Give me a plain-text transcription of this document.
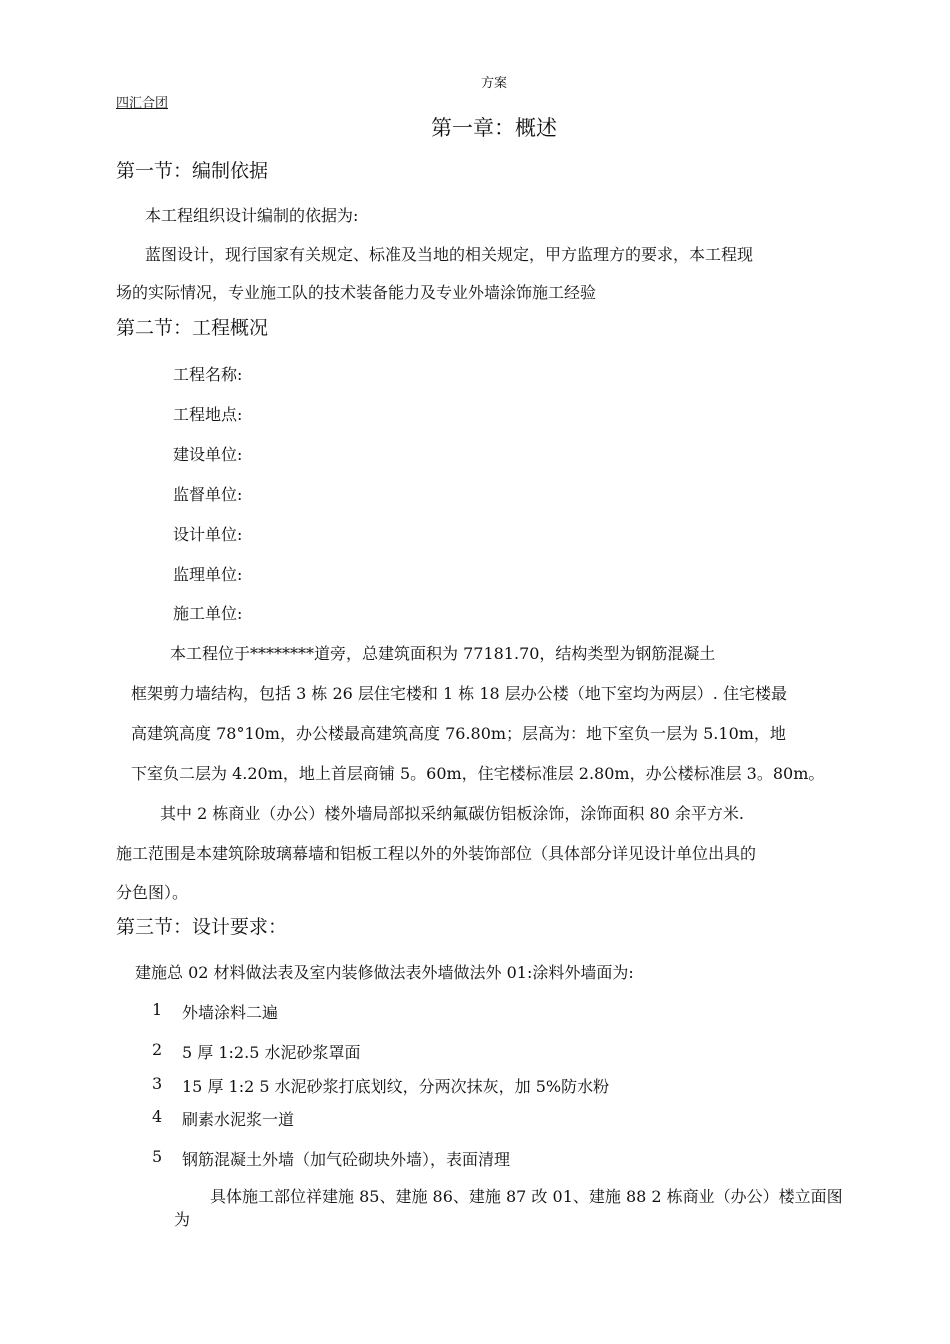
方案
四汇合团
第一章：概述
第一节：编制依据
本工程组织设计编制的依据为:
蓝图设计，现行国家有关规定、标准及当地的相关规定，甲方监理方的要求，本工程现
场的实际情况，专业施工队的技术装备能力及专业外墙涂饰施工经验
第二节：工程概况
工程名称:
工程地点:
建设单位:
监督单位:
设计单位:
监理单位:
施工单位:
本工程位于********道旁，总建筑面积为 77181.70，结构类型为钢筋混凝土
框架剪力墙结构，包括 3 栋 26 层住宅楼和 1 栋 18 层办公楼（地下室均为两层）. 住宅楼最
高建筑高度 78°10m，办公楼最高建筑高度 76.80m；层高为：地下室负一层为 5.10m，地
下室负二层为 4.20m，地上首层商铺 5。60m，住宅楼标准层 2.80m，办公楼标准层 3。80m。
其中 2 栋商业（办公）楼外墙局部拟采纳氟碳仿铝板涂饰，涂饰面积 80 余平方米.
施工范围是本建筑除玻璃幕墙和铝板工程以外的外装饰部位（具体部分详见设计单位出具的
分色图）。
第三节：设计要求：
建施总 02 材料做法表及室内装修做法表外墙做法外 01:涂料外墙面为:
1 外墙涂料二遍
2 5 厚 1:2.5 水泥砂浆罩面
3 15 厚 1:2 5 水泥砂浆打底划纹，分两次抹灰，加 5%防水粉
4 刷素水泥浆一道
5 钢筋混凝土外墙（加气砼砌块外墙），表面清理
具体施工部位祥建施 85、建施 86、建施 87 改 01、建施 88 2 栋商业（办公）楼立面图
为
